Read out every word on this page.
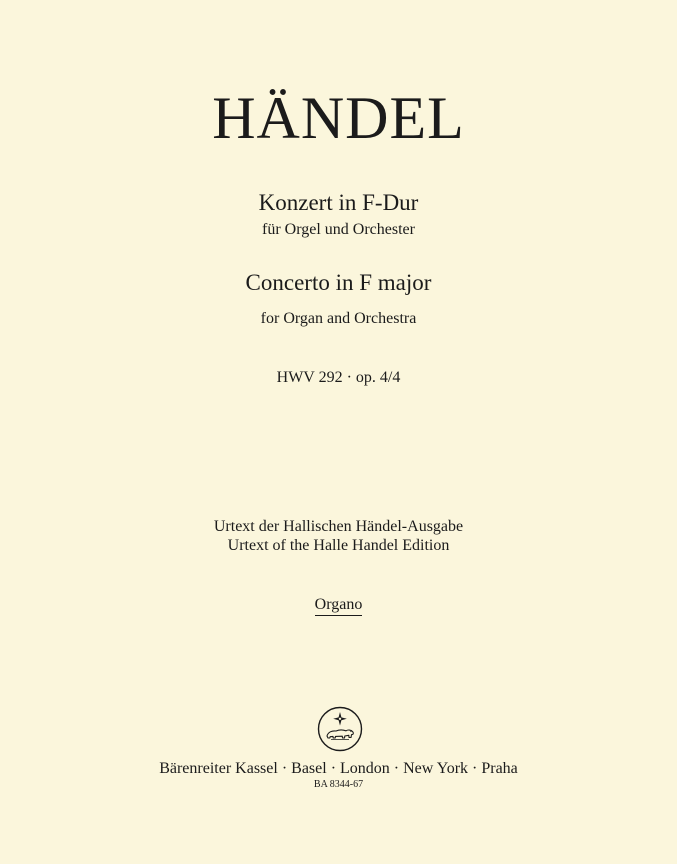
HÄNDEL
Konzert in F-Dur
für Orgel und Orchester
Concerto in F major
for Organ and Orchestra
HWV 292 · op. 4/4
Urtext der Hallischen Händel-Ausgabe
Urtext of the Halle Handel Edition
Organo
Bärenreiter Kassel · Basel · London · New York · Praha
BA 8344-67
